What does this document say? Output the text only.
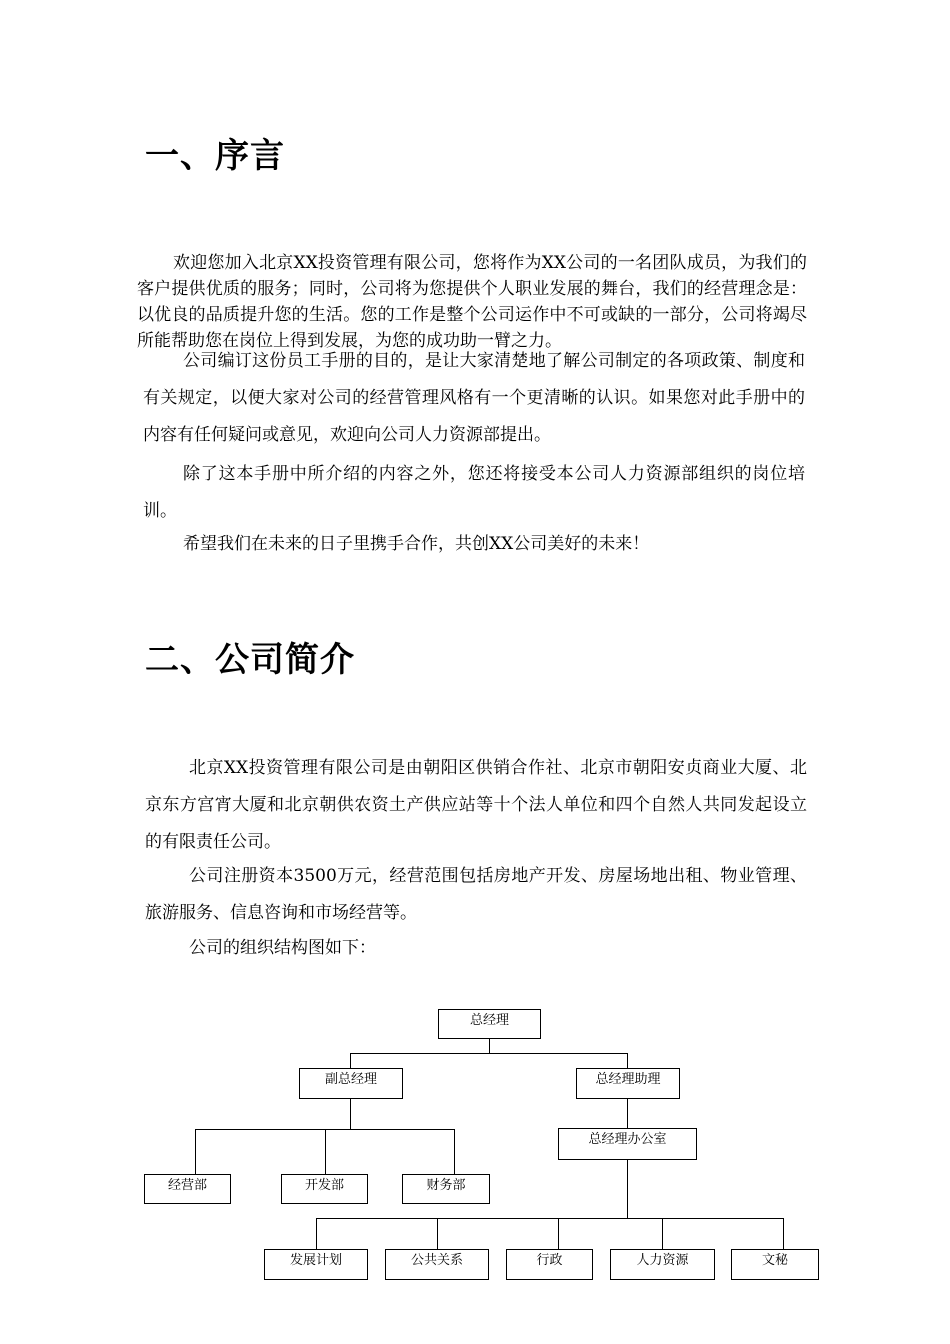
一、序言

欢迎您加入北京XX投资管理有限公司，您将作为XX公司的一名团队成员，为我们的客户提供优质的服务；同时，公司将为您提供个人职业发展的舞台，我们的经营理念是：以优良的品质提升您的生活。您的工作是整个公司运作中不可或缺的一部分，公司将竭尽所能帮助您在岗位上得到发展，为您的成功助一臂之力。

公司编订这份员工手册的目的，是让大家清楚地了解公司制定的各项政策、制度和有关规定，以便大家对公司的经营管理风格有一个更清晰的认识。如果您对此手册中的内容有任何疑问或意见，欢迎向公司人力资源部提出。

除了这本手册中所介绍的内容之外，您还将接受本公司人力资源部组织的岗位培训。

希望我们在未来的日子里携手合作，共创XX公司美好的未来！

二、公司简介

北京XX投资管理有限公司是由朝阳区供销合作社、北京市朝阳安贞商业大厦、北京东方宫宵大厦和北京朝供农资土产供应站等十个法人单位和四个自然人共同发起设立的有限责任公司。

公司注册资本3500万元，经营范围包括房地产开发、房屋场地出租、物业管理、旅游服务、信息咨询和市场经营等。

公司的组织结构图如下：

总经理
副总经理	总经理助理
总经理办公室
经营部	开发部	财务部
发展计划	公共关系	行政	人力资源	文秘
